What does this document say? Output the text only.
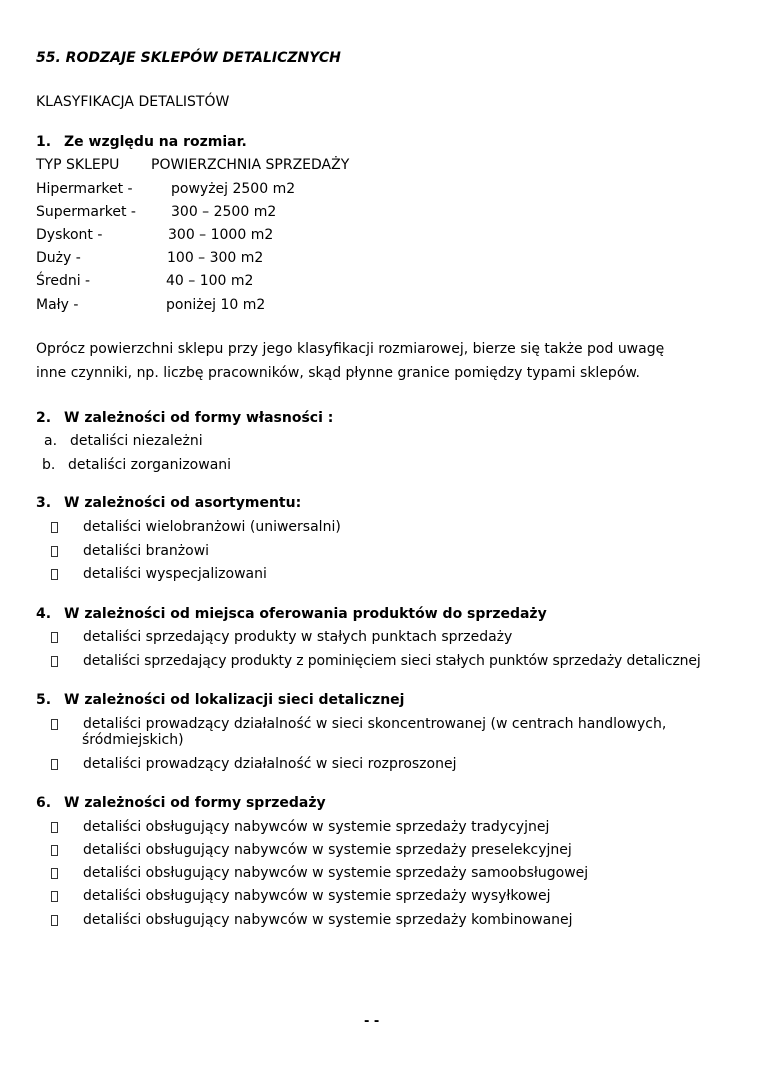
55. RODZAJE SKLEPÓW DETALICZNYCH
KLASYFIKACJA DETALISTÓW
1. Ze względu na rozmiar.
TYP SKLEPU POWIERZCHNIA SPRZEDAŻY
Hipermarket -	powyżej 2500 m2
Supermarket -	300 – 2500 m2
Dyskont -	300 – 1000 m2
Duży -	100 – 300 m2
Średni -	40 – 100 m2
Mały -	poniżej 10 m2
Oprócz powierzchni sklepu przy jego klasyfikacji rozmiarowej, bierze się także pod uwagę
inne czynniki, np. liczbę pracowników, skąd płynne granice pomiędzy typami sklepów.
2. W zależności od formy własności :
a. detaliści niezależni
b. detaliści zorganizowani
3. W zależności od asortymentu:
detaliści wielobranżowi (uniwersalni)
detaliści branżowi
detaliści wyspecjalizowani
4. W zależności od miejsca oferowania produktów do sprzedaży
detaliści sprzedający produkty w stałych punktach sprzedaży
detaliści sprzedający produkty z pominięciem sieci stałych punktów sprzedaży detalicznej
5. W zależności od lokalizacji sieci detalicznej
detaliści prowadzący działalność w sieci skoncentrowanej (w centrach handlowych,
śródmiejskich)
detaliści prowadzący działalność w sieci rozproszonej
6. W zależności od formy sprzedaży
detaliści obsługujący nabywców w systemie sprzedaży tradycyjnej
detaliści obsługujący nabywców w systemie sprzedaży preselekcyjnej
detaliści obsługujący nabywców w systemie sprzedaży samoobsługowej
detaliści obsługujący nabywców w systemie sprzedaży wysyłkowej
detaliści obsługujący nabywców w systemie sprzedaży kombinowanej
- -
